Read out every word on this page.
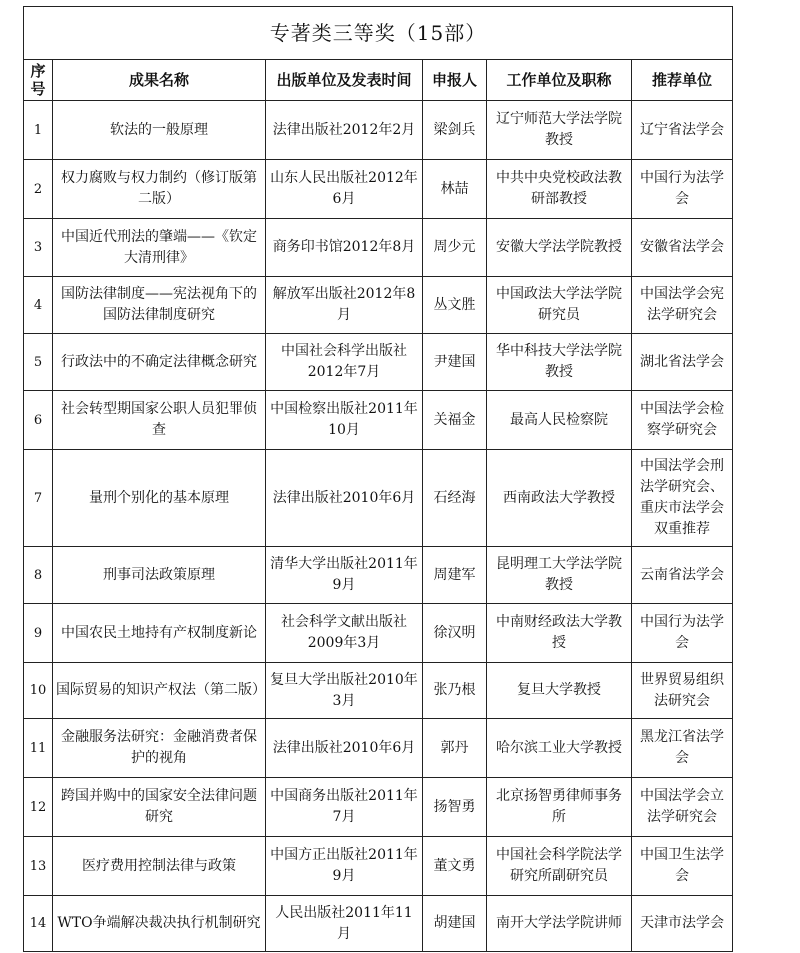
专著类三等奖（15部）					
序号	成果名称	出版单位及发表时间	申报人	工作单位及职称	推荐单位
1	软法的一般原理	法律出版社2012年2月	梁剑兵	辽宁师范大学法学院教授	辽宁省法学会
2	权力腐败与权力制约（修订版第二版）	山东人民出版社2012年6月	林喆	中共中央党校政法教研部教授	中国行为法学会
3	中国近代刑法的肇端——《钦定大清刑律》	商务印书馆2012年8月	周少元	安徽大学法学院教授	安徽省法学会
4	国防法律制度——宪法视角下的国防法律制度研究	解放军出版社2012年8月	丛文胜	中国政法大学法学院研究员	中国法学会宪法学研究会
5	行政法中的不确定法律概念研究	中国社会科学出版社2012年7月	尹建国	华中科技大学法学院教授	湖北省法学会
6	社会转型期国家公职人员犯罪侦查	中国检察出版社2011年10月	关福金	最高人民检察院	中国法学会检察学研究会
7	量刑个别化的基本原理	法律出版社2010年6月	石经海	西南政法大学教授	中国法学会刑法学研究会、重庆市法学会双重推荐
8	刑事司法政策原理	清华大学出版社2011年9月	周建军	昆明理工大学法学院教授	云南省法学会
9	中国农民土地持有产权制度新论	社会科学文献出版社2009年3月	徐汉明	中南财经政法大学教授	中国行为法学会
10	国际贸易的知识产权法（第二版）	复旦大学出版社2010年3月	张乃根	复旦大学教授	世界贸易组织法研究会
11	金融服务法研究：金融消费者保护的视角	法律出版社2010年6月	郭丹	哈尔滨工业大学教授	黑龙江省法学会
12	跨国并购中的国家安全法律问题研究	中国商务出版社2011年7月	扬智勇	北京扬智勇律师事务所	中国法学会立法学研究会
13	医疗费用控制法律与政策	中国方正出版社2011年9月	董文勇	中国社会科学院法学研究所副研究员	中国卫生法学会
14	WTO争端解决裁决执行机制研究	人民出版社2011年11月	胡建国	南开大学法学院讲师	天津市法学会
